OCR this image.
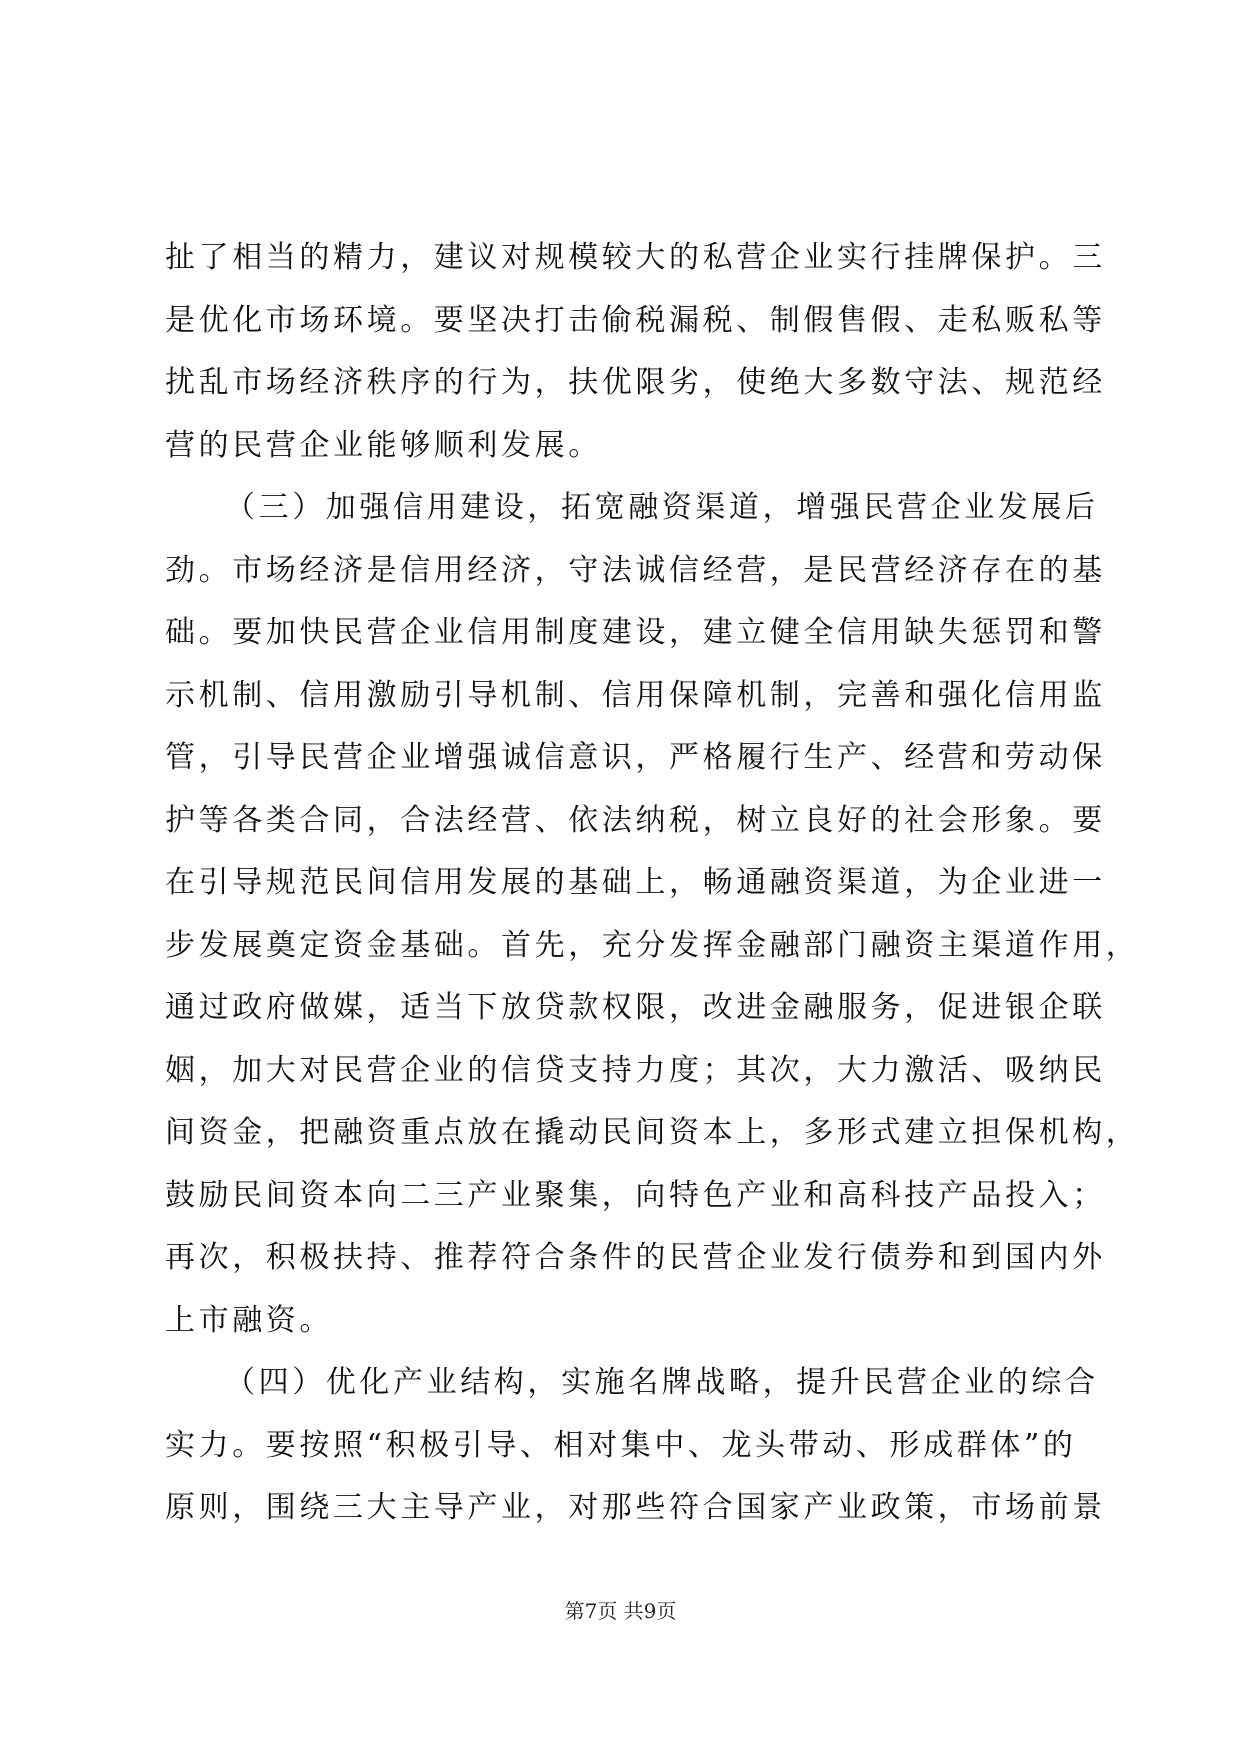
扯了相当的精力，建议对规模较大的私营企业实行挂牌保护。三
是优化市场环境。要坚决打击偷税漏税、制假售假、走私贩私等
扰乱市场经济秩序的行为，扶优限劣，使绝大多数守法、规范经
营的民营企业能够顺利发展。
（三）加强信用建设，拓宽融资渠道，增强民营企业发展后
劲。市场经济是信用经济，守法诚信经营，是民营经济存在的基
础。要加快民营企业信用制度建设，建立健全信用缺失惩罚和警
示机制、信用激励引导机制、信用保障机制，完善和强化信用监
管，引导民营企业增强诚信意识，严格履行生产、经营和劳动保
护等各类合同，合法经营、依法纳税，树立良好的社会形象。要
在引导规范民间信用发展的基础上，畅通融资渠道，为企业进一
步发展奠定资金基础。首先，充分发挥金融部门融资主渠道作用，
通过政府做媒，适当下放贷款权限，改进金融服务，促进银企联
姻，加大对民营企业的信贷支持力度；其次，大力激活、吸纳民
间资金，把融资重点放在撬动民间资本上，多形式建立担保机构，
鼓励民间资本向二三产业聚集，向特色产业和高科技产品投入；
再次，积极扶持、推荐符合条件的民营企业发行债券和到国内外
上市融资。
（四）优化产业结构，实施名牌战略，提升民营企业的综合
实力。要按照“积极引导、相对集中、龙头带动、形成群体”的
原则，围绕三大主导产业，对那些符合国家产业政策，市场前景
第7页 共9页
